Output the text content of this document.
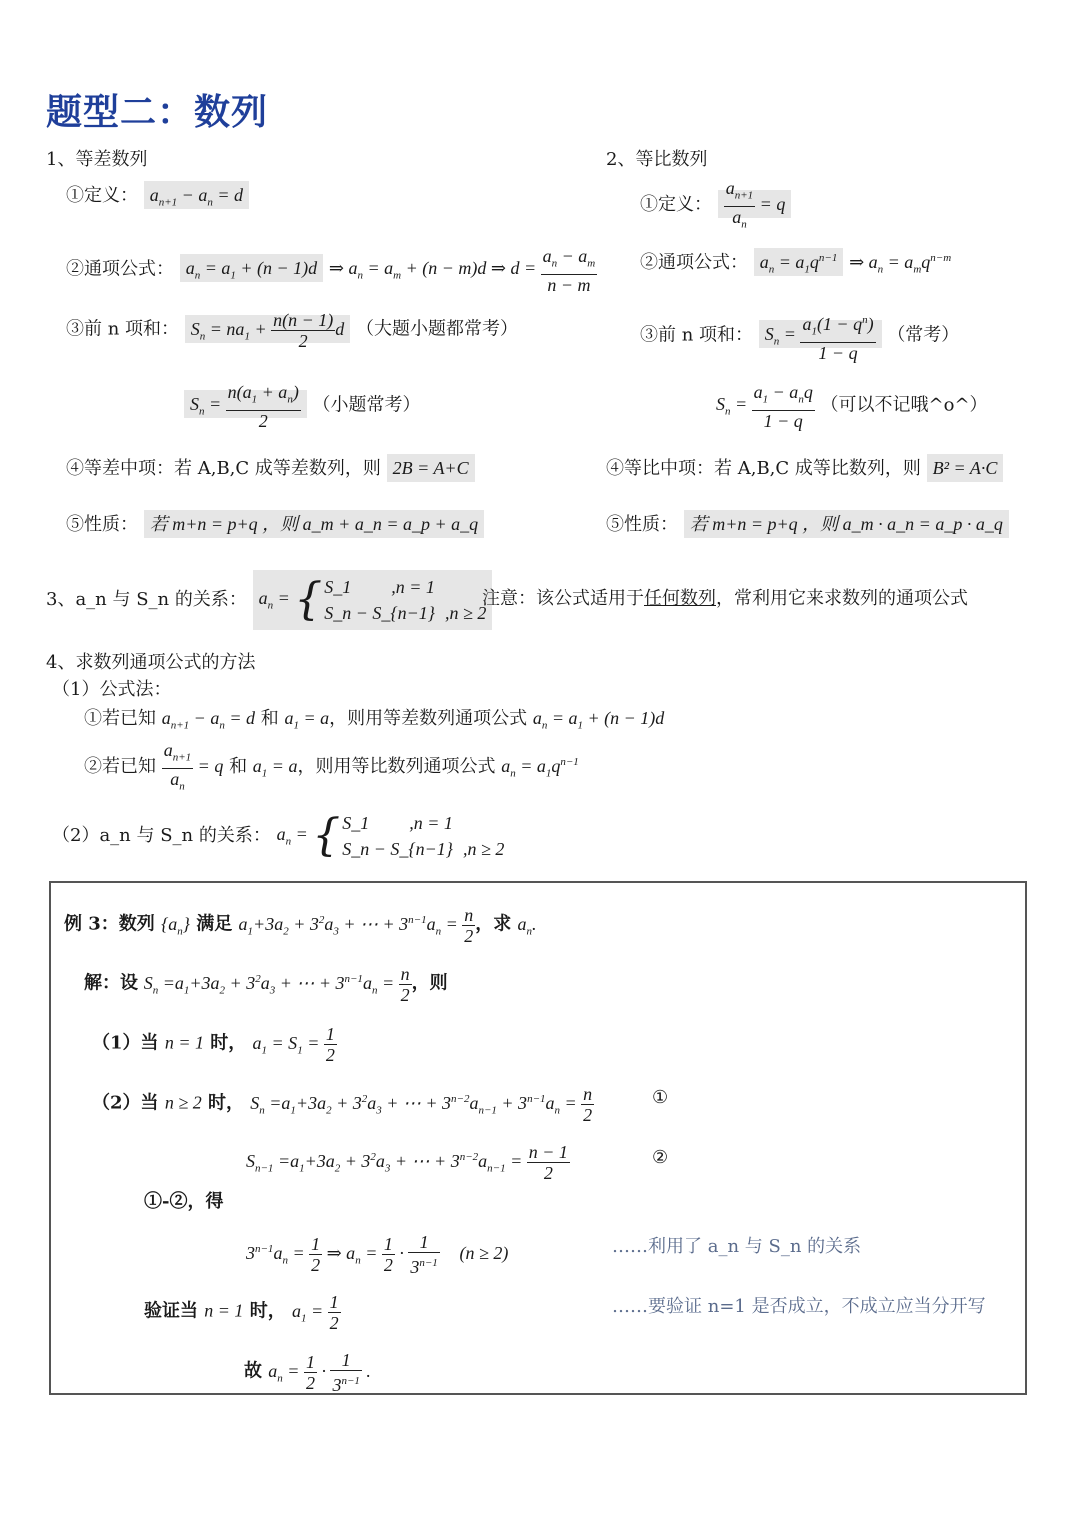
题型二：数列
1、等差数列
①定义： $a_{n+1} - a_n = d$
②通项公式： $a_n = a_1 + (n - 1)d$ ⇒ $a_n = a_m + (n - m)d$ ⇒ $d = \frac{a_n - a_m}{n - m}$
③前 n 项和： $S_n = na_1 + \frac{n(n - 1)}{2}$ d （大题小题都常考）
$S_n = \frac{n(a_1 + a_n)}{2}$ （小题常考）
④等差中项：若 A,B,C 成等差数列，则 2B = A+C
⑤性质： 若 m+n = p+q ，则 a_m + a_n = a_p + a_q
2、等比数列
①定义： $\frac{a_{n+1}}{a_n} = q$
②通项公式： $a_n = a_1q^{n-1}$ ⇒ $a_n = a_mq^{n-m}$
③前 n 项和： $S_n = \frac{a_1(1 - q^n)}{1 - q}$ （常考）
$S_n = \frac{a_1 - a_nq}{1 - q}$ （可以不记哦^o^）
④等比中项：若 A,B,C 成等比数列，则 B² = A·C
⑤性质： 若 m+n = p+q ，则 a_m · a_n = a_p · a_q
3、a_n 与 S_n 的关系： $a_n$ = { S_1 ,n = 1
S_n − S_{n−1} ,n ≥ 2
注意：该公式适用于任何数列，常利用它来求数列的通项公式
4、求数列通项公式的方法
（1）公式法：
①若已知 $a_{n+1} - a_n = d$ 和 $a_1 = a$，则用等差数列通项公式 $a_n = a_1 + (n - 1)d$
②若已知 $\frac{a_{n+1}}{a_n} = q$ 和 $a_1 = a$，则用等比数列通项公式 $a_n = a_1q^{n-1}$
（2）a_n 与 S_n 的关系： $a_n$ = { S_1 ,n = 1
S_n − S_{n−1} ,n ≥ 2
例 3：数列 $\{a_n\}$ 满足 $a_1+3a_2 + 3^2a_3$ + ⋯ + $3^{n-1}a_n = \frac{n}{2}$ ，求 $a_n$.
解：设 $S_n =a_1+3a_2 + 3^2a_3$ + ⋯ + $3^{n-1}a_n = \frac{n}{2}$ ，则
（1）当 n = 1 时， $a_1 = S_1 = \frac{1}{2}$
（2）当 n ≥ 2 时， $S_n =a_1+3a_2 + 3^2a_3$ + ⋯ + $3^{n-2}a_{n-1} + 3^{n-1}a_n = \frac{n}{2}$	①
$S_{n-1} =a_1+3a_2 + 3^2a_3$ + ⋯ + $3^{n-2}a_{n-1} = \frac{n - 1}{2}$	②
①-②，得
$3^{n-1}a_n = \frac{1}{2}$ ⇒ $a_n = \frac{1}{2} \cdot \frac{1}{3^{n-1}} (n \ge 2)$	……利用了 a_n 与 S_n 的关系
验证当 n = 1 时， $a_1 = \frac{1}{2}$	……要验证 n=1 是否成立，不成立应当分开写
故 $a_n = \frac{1}{2} \cdot \frac{1}{3^{n-1}}$ .
